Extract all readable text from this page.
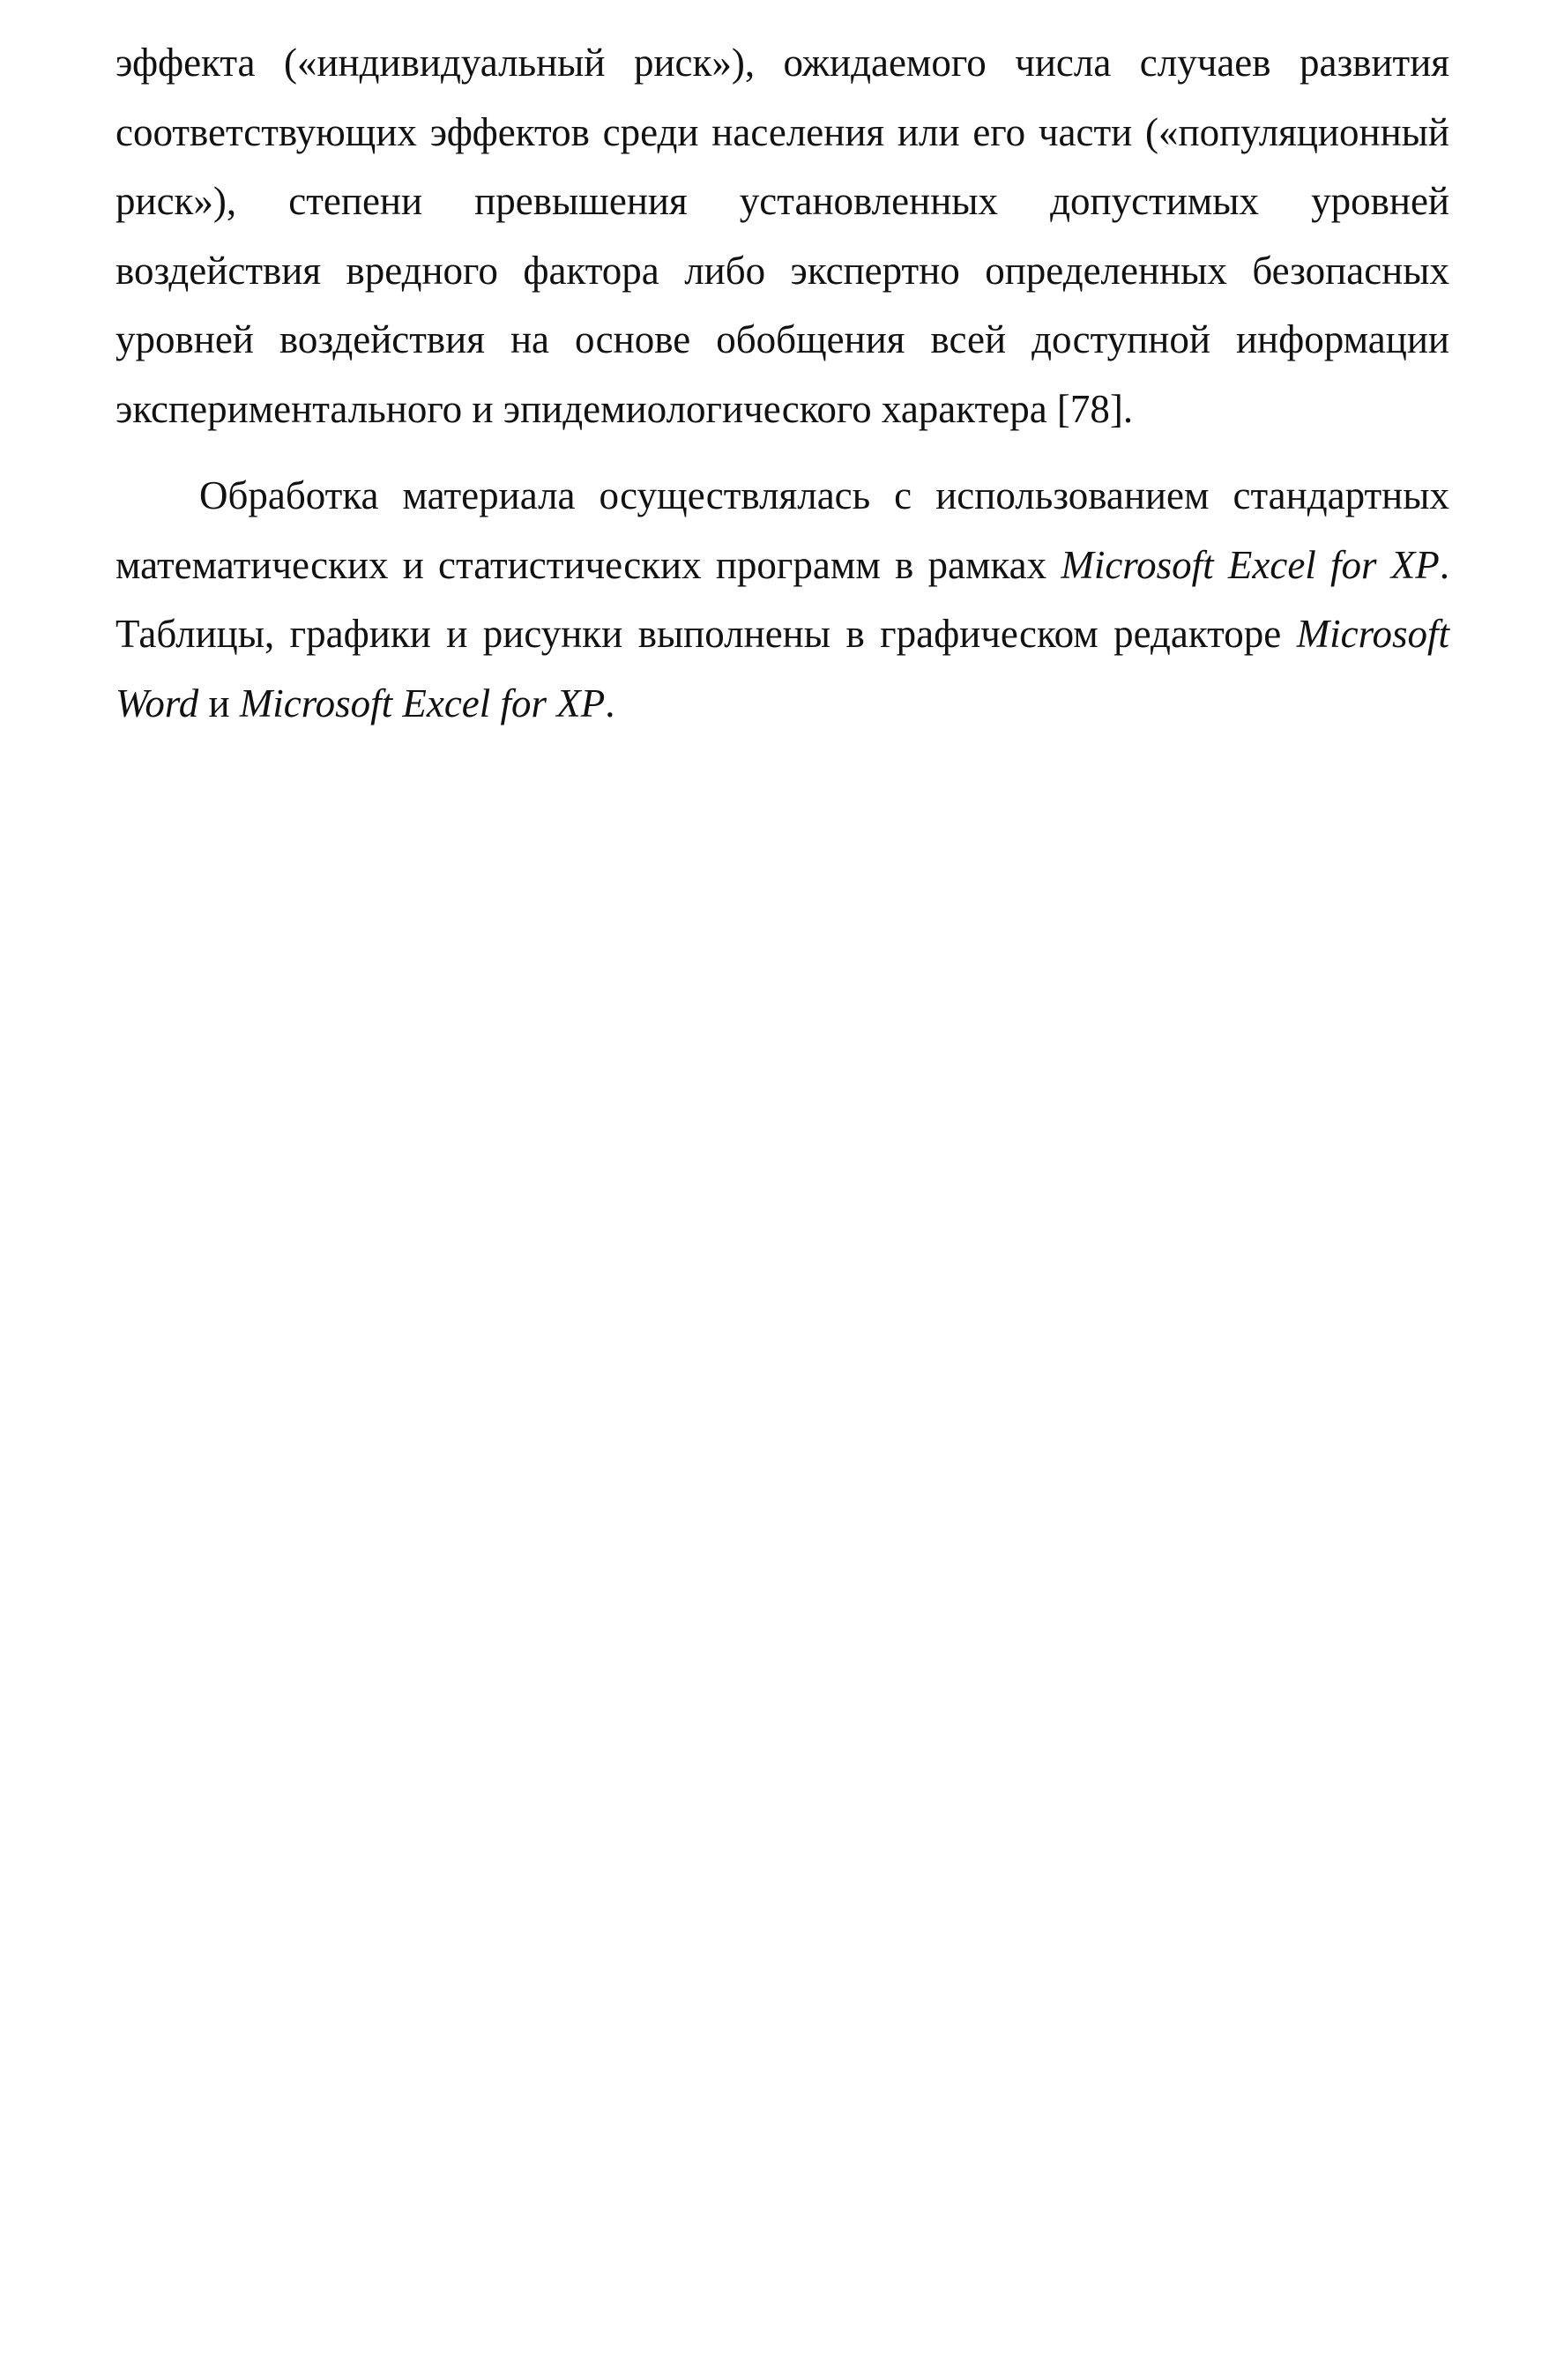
эффекта («индивидуальный риск»), ожидаемого числа случаев развития
соответствующих эффектов среди населения или его части («популяционный
риск»), степени превышения установленных допустимых уровней
воздействия вредного фактора либо экспертно определенных безопасных
уровней воздействия на основе обобщения всей доступной информации
экспериментального и эпидемиологического характера [78].
Обработка материала осуществлялась с использованием стандартных
математических и статистических программ в рамках Microsoft Excel for XP.
Таблицы, графики и рисунки выполнены в графическом редакторе Microsoft
Word и Microsoft Excel for XP.
